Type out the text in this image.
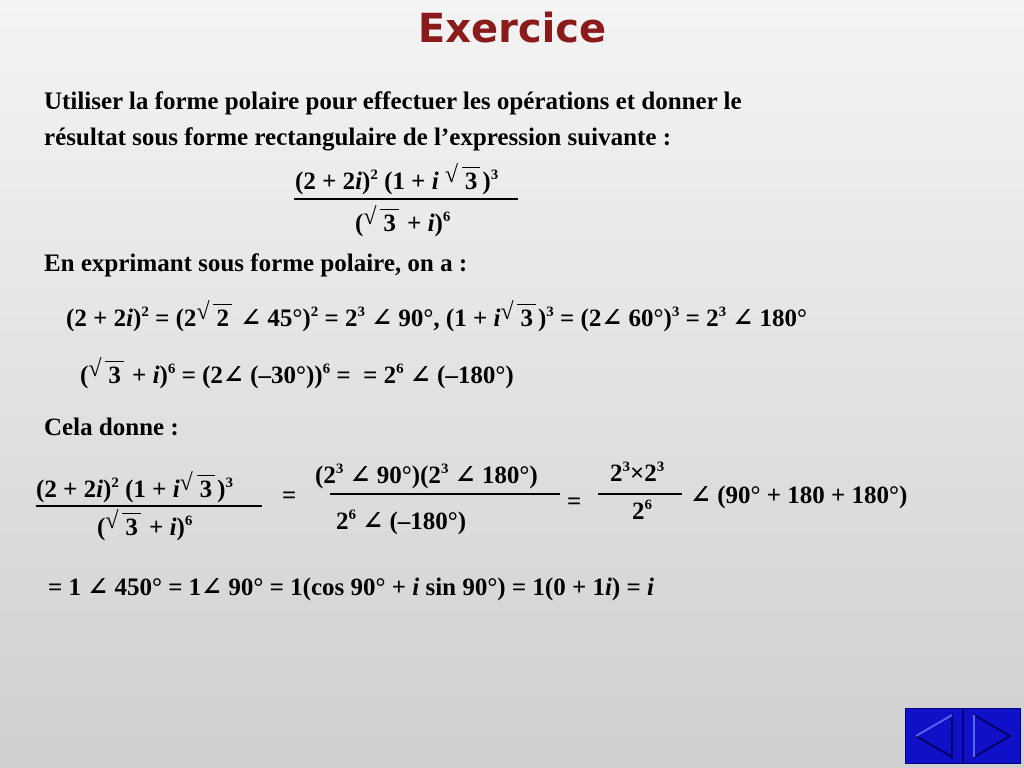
Exercice
Utiliser la forme polaire pour effectuer les opérations et donner le
résultat sous forme rectangulaire de l’expression suivante :
$(2 + 2i)^2$ (1 + i √ 3 )$^3$
(√ 3 + i)$^6$
En exprimant sous forme polaire, on a :
$(2 + 2i)^2 = (2√$ 2 ∠ $45^\circ)^2 = 2^3$ ∠ 90°, (1 + i√ 3 )$^3$ = (2∠ $60^\circ)^3 = 2^3$ ∠ 180°
(√ 3 + i)$^6$ = (2∠ (–30°))$^6$ =  = $2^6$ ∠ (–180°)
Cela donne :
$(2 + 2i)^2$ (1 + i√ 3 )$^3$
(√ 3 + i)$^6$
=
($2^3$ ∠ $90^\circ)(2^3$ ∠ 180°)
$2^6$ ∠ (–180°)
=
$2^3\times 2^3$
$2^6$ ∠ (90° + 180 + 180°)
= 1 ∠ 450° = 1∠ 90° = 1(cos 90° + i sin 90°) = 1(0 + 1i) = i
